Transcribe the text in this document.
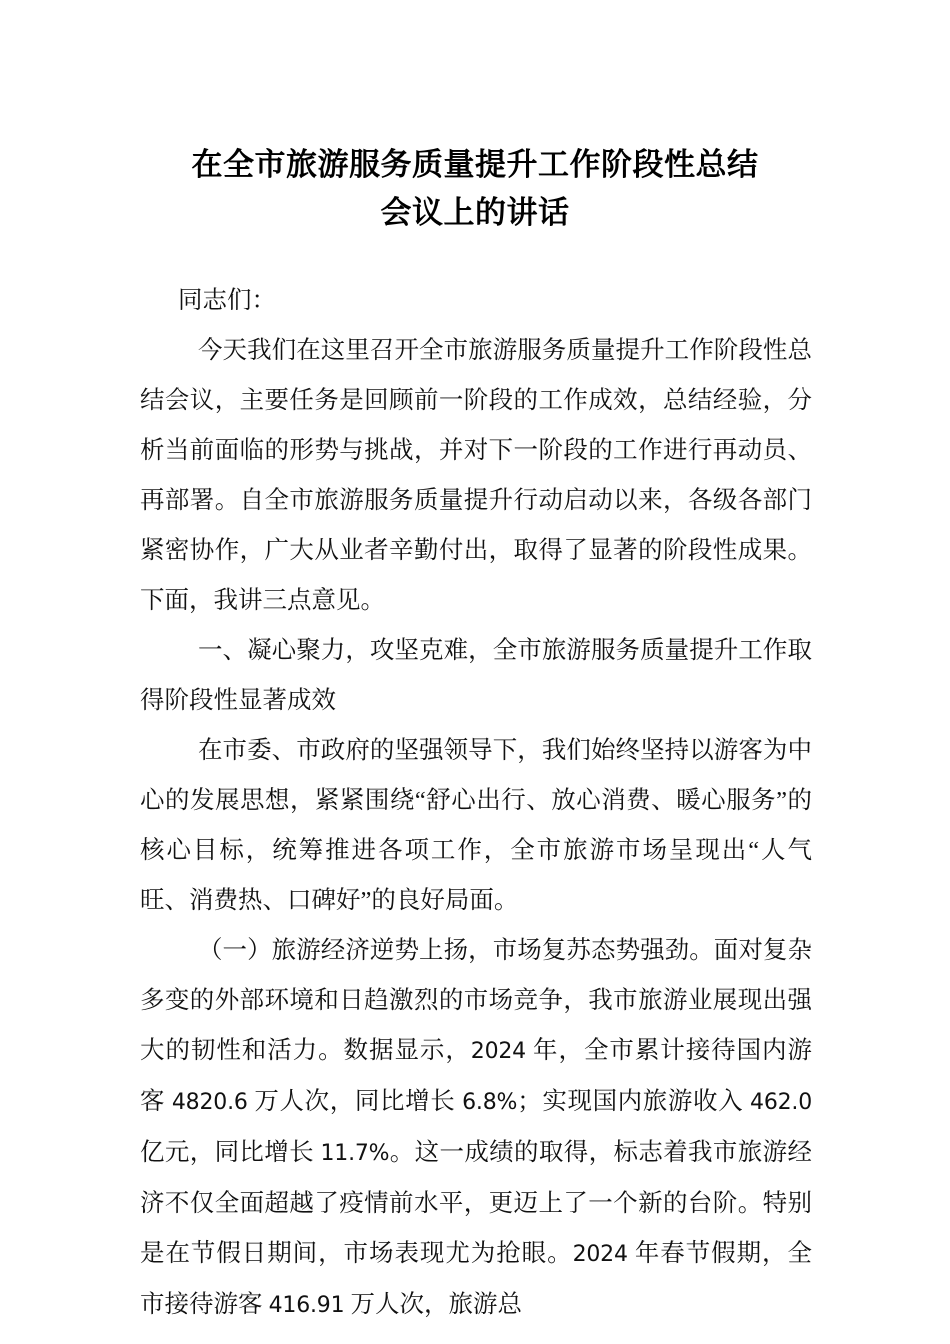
在全市旅游服务质量提升工作阶段性总结
会议上的讲话

同志们：

今天我们在这里召开全市旅游服务质量提升工作阶段性总结会议，主要任务是回顾前一阶段的工作成效，总结经验，分析当前面临的形势与挑战，并对下一阶段的工作进行再动员、再部署。自全市旅游服务质量提升行动启动以来，各级各部门紧密协作，广大从业者辛勤付出，取得了显著的阶段性成果。下面，我讲三点意见。

一、凝心聚力，攻坚克难，全市旅游服务质量提升工作取得阶段性显著成效

在市委、市政府的坚强领导下，我们始终坚持以游客为中心的发展思想，紧紧围绕“舒心出行、放心消费、暖心服务”的核心目标，统筹推进各项工作，全市旅游市场呈现出“人气旺、消费热、口碑好”的良好局面。

（一）旅游经济逆势上扬，市场复苏态势强劲。面对复杂多变的外部环境和日趋激烈的市场竞争，我市旅游业展现出强大的韧性和活力。数据显示，2024 年，全市累计接待国内游客 4820.6 万人次，同比增长 6.8%；实现国内旅游收入 462.0 亿元，同比增长 11.7%。这一成绩的取得，标志着我市旅游经济不仅全面超越了疫情前水平，更迈上了一个新的台阶。特别是在节假日期间，市场表现尤为抢眼。2024 年春节假期，全市接待游客 416.91 万人次，旅游总
